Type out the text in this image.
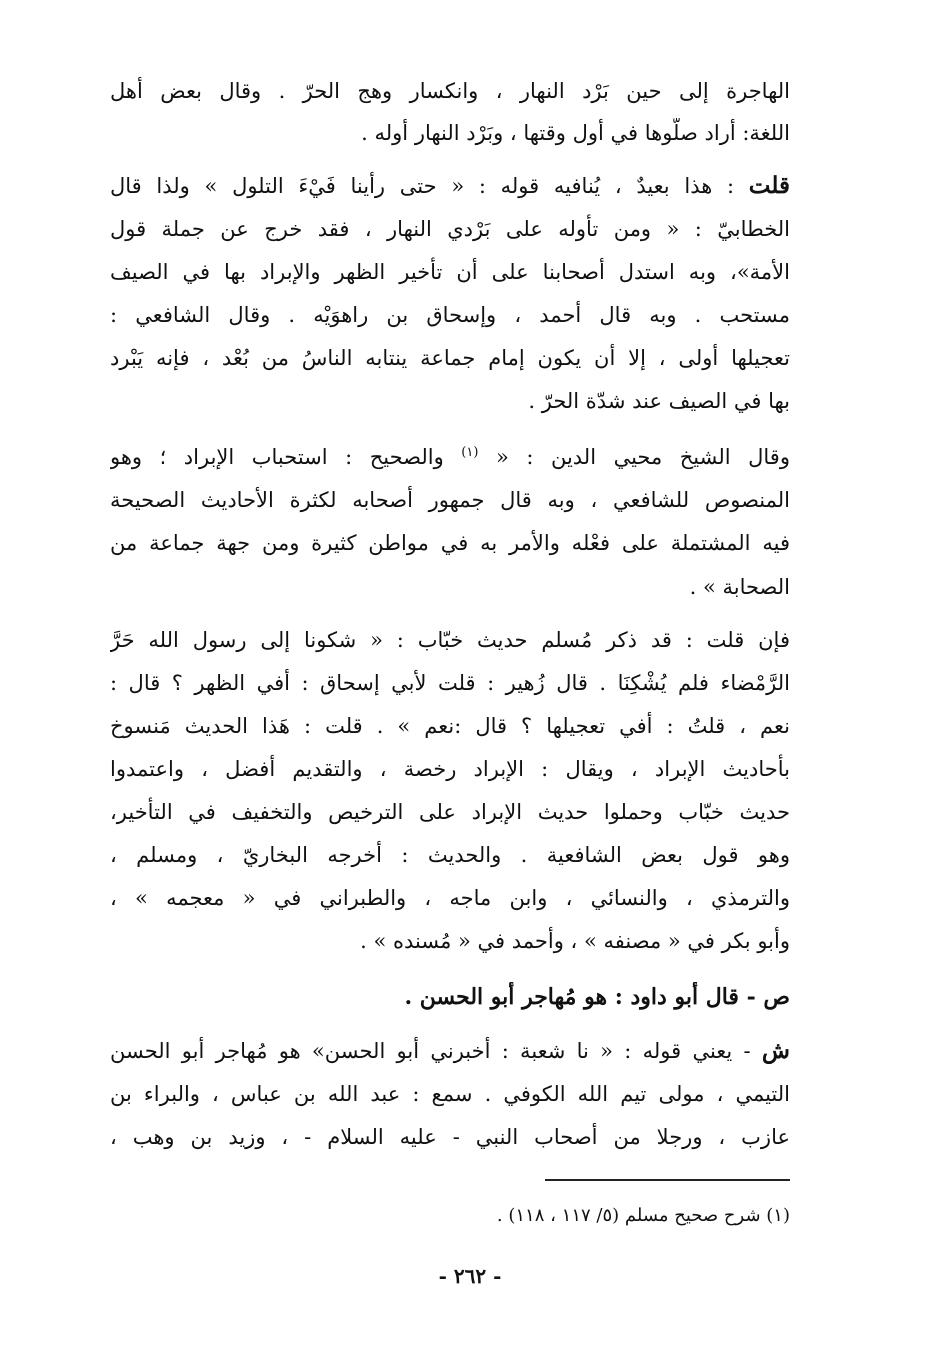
الهاجرة إلى حين بَرْد النهار ، وانكسار وهج الحرّ . وقال بعض أهل
اللغة: أراد صلُّوها في أول وقتها ، وبَرْد النهار أوله .
قلت : هذا بعيدٌ ، يُنافيه قوله : « حتى رأينا فَيْءَ التلول » ولذا قال
الخطابيّ : « ومن تأوله على بَرْدي النهار ، فقد خرج عن جملة قول
الأمة»، وبه استدل أصحابنا على أن تأخير الظهر والإبراد بها في الصيف
مستحب . وبه قال أحمد ، وإسحاق بن راهوَيْه . وقال الشافعي :
تعجيلها أولى ، إلا أن يكون إمام جماعة ينتابه الناسُ من بُعْد ، فإنه يَبْرد
بها في الصيف عند شدّة الحرّ .
وقال الشيخ محيي الدين : « $^{(١)}$ والصحيح : استحباب الإبراد ؛ وهو
المنصوص للشافعي ، وبه قال جمهور أصحابه لكثرة الأحاديث الصحيحة
فيه المشتملة على فعْله والأمر به في مواطن كثيرة ومن جهة جماعة من
الصحابة » .
فإن قلت : قد ذكر مُسلم حديث خبّاب : « شكونا إلى رسول الله حَرَّ
الرَّمْضاء فلم يُشْكِنَا . قال زُهير : قلت لأبي إسحاق : أفي الظهر ؟ قال :
نعم ، قلتُ : أفي تعجيلها ؟ قال :نعم » . قلت : هَذا الحديث مَنسوخ
بأحاديث الإبراد ، ويقال : الإبراد رخصة ، والتقديم أفضل ، واعتمدوا
حديث خبّاب وحملوا حديث الإبراد على الترخيص والتخفيف في التأخير،
وهو قول بعض الشافعية . والحديث : أخرجه البخاريّ ، ومسلم ،
والترمذي ، والنسائي ، وابن ماجه ، والطبراني في « معجمه » ،
وأبو بكر في « مصنفه » ، وأحمد في « مُسنده » .
ص - قال أبو داود : هو مُهاجر أبو الحسن .
ش - يعني قوله : « نا شعبة : أخبرني أبو الحسن» هو مُهاجر أبو الحسن
التيمي ، مولى تيم الله الكوفي . سمع : عبد الله بن عباس ، والبراء بن
عازب ، ورجلا من أصحاب النبي - عليه السلام - ، وزيد بن وهب ،
(١) شرح صحيح مسلم (٥/ ١١٧ ، ١١٨) .
- ٢٦٢ -
